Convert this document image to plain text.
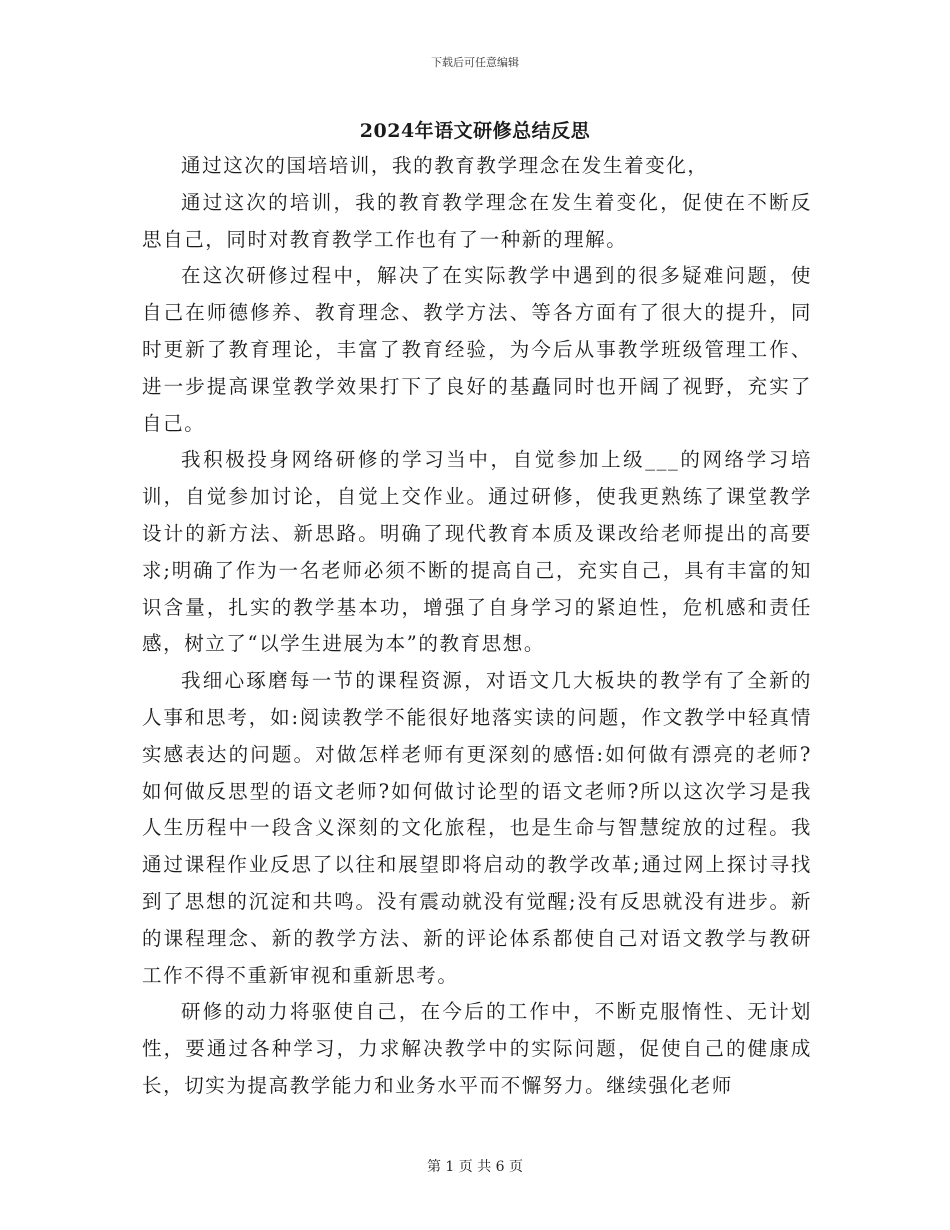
下载后可任意编辑
2024年语文研修总结反思

通过这次的国培培训，我的教育教学理念在发生着变化，

通过这次的培训，我的教育教学理念在发生着变化，促使在不断反思自己，同时对教育教学工作也有了一种新的理解。

在这次研修过程中，解决了在实际教学中遇到的很多疑难问题，使自己在师德修养、教育理念、教学方法、等各方面有了很大的提升，同时更新了教育理论，丰富了教育经验，为今后从事教学班级管理工作、进一步提高课堂教学效果打下了良好的基矗同时也开阔了视野，充实了自己。

我积极投身网络研修的学习当中，自觉参加上级___的网络学习培训，自觉参加讨论，自觉上交作业。通过研修，使我更熟练了课堂教学设计的新方法、新思路。明确了现代教育本质及课改给老师提出的高要求;明确了作为一名老师必须不断的提高自己，充实自己，具有丰富的知识含量，扎实的教学基本功，增强了自身学习的紧迫性，危机感和责任感，树立了“以学生进展为本”的教育思想。

我细心琢磨每一节的课程资源，对语文几大板块的教学有了全新的人事和思考，如:阅读教学不能很好地落实读的问题，作文教学中轻真情实感表达的问题。对做怎样老师有更深刻的感悟:如何做有漂亮的老师?如何做反思型的语文老师?如何做讨论型的语文老师?所以这次学习是我人生历程中一段含义深刻的文化旅程，也是生命与智慧绽放的过程。我通过课程作业反思了以往和展望即将启动的教学改革;通过网上探讨寻找到了思想的沉淀和共鸣。没有震动就没有觉醒;没有反思就没有进步。新的课程理念、新的教学方法、新的评论体系都使自己对语文教学与教研工作不得不重新审视和重新思考。

研修的动力将驱使自己，在今后的工作中，不断克服惰性、无计划性，要通过各种学习，力求解决教学中的实际问题，促使自己的健康成长，切实为提高教学能力和业务水平而不懈努力。继续强化老师

第 1 页 共 6 页
